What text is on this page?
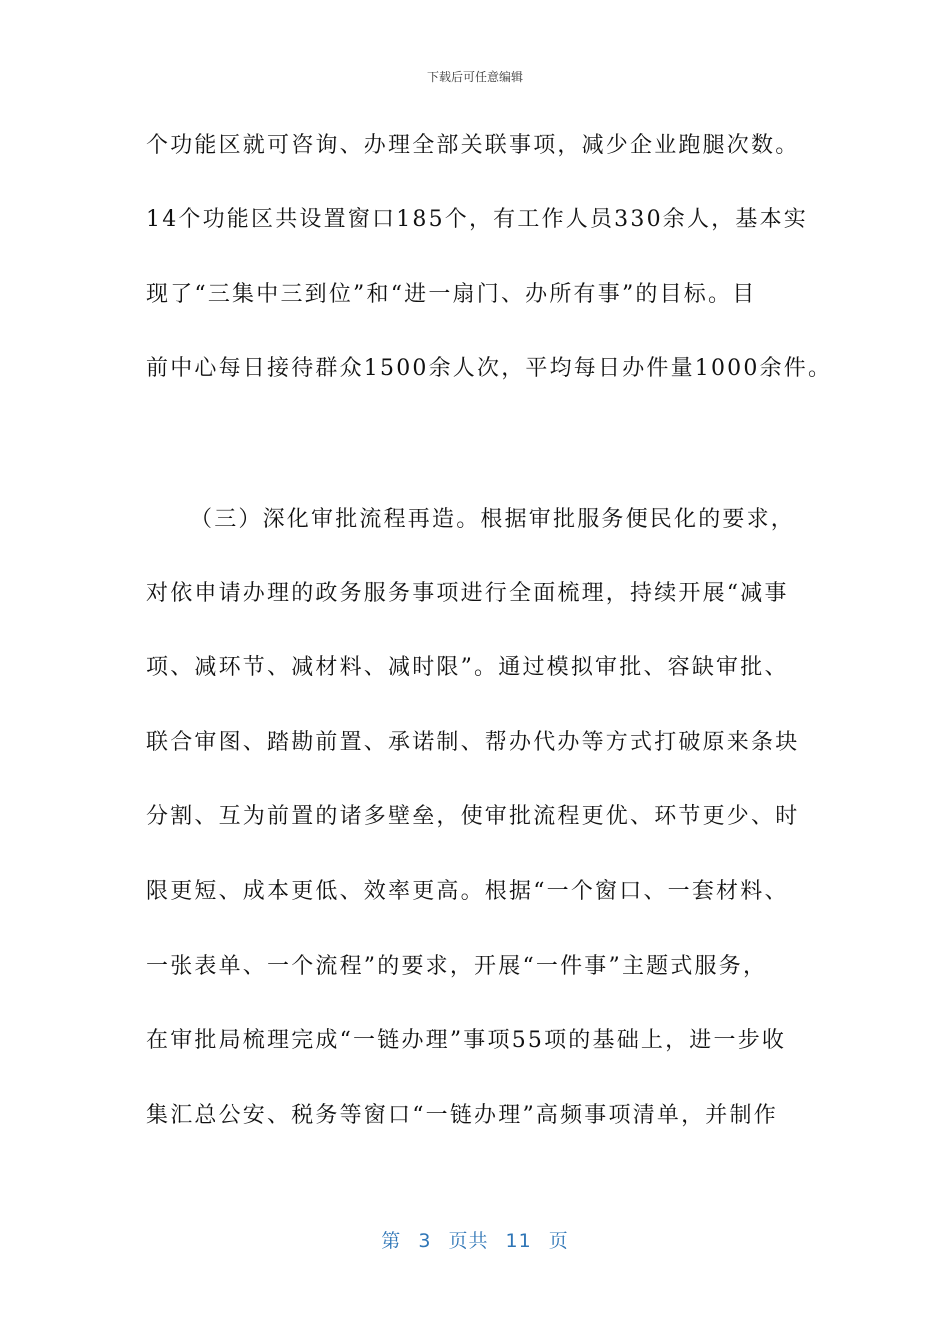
下载后可任意编辑
个功能区就可咨询、办理全部关联事项，减少企业跑腿次数。
14个功能区共设置窗口185个，有工作人员330余人，基本实
现了“三集中三到位”和“进一扇门、办所有事”的目标。目
前中心每日接待群众1500余人次，平均每日办件量1000余件。
（三）深化审批流程再造。根据审批服务便民化的要求，
对依申请办理的政务服务事项进行全面梳理，持续开展“减事
项、减环节、减材料、减时限”。通过模拟审批、容缺审批、
联合审图、踏勘前置、承诺制、帮办代办等方式打破原来条块
分割、互为前置的诸多壁垒，使审批流程更优、环节更少、时
限更短、成本更低、效率更高。根据“一个窗口、一套材料、
一张表单、一个流程”的要求，开展“一件事”主题式服务，
在审批局梳理完成“一链办理”事项55项的基础上，进一步收
集汇总公安、税务等窗口“一链办理”高频事项清单，并制作
第 3 页共 11 页
